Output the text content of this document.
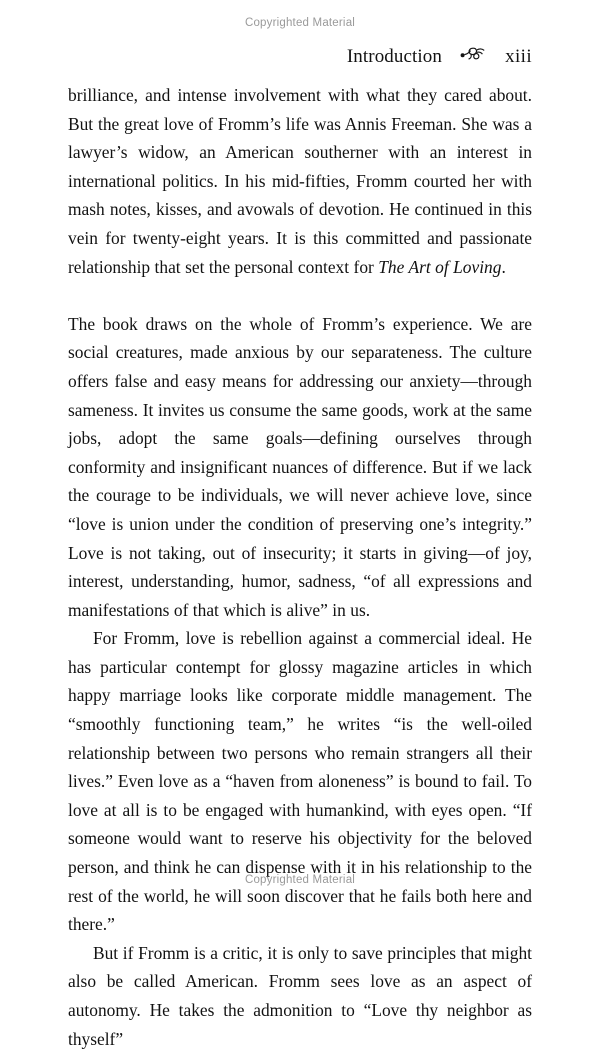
Copyrighted Material
Introduction	xiii

brilliance, and intense involvement with what they cared about. But the great love of Fromm’s life was Annis Freeman. She was a lawyer’s widow, an American southerner with an interest in international politics. In his mid-fifties, Fromm courted her with mash notes, kisses, and avowals of devotion. He continued in this vein for twenty-eight years. It is this committed and passionate relationship that set the personal context for The Art of Loving.

The book draws on the whole of Fromm’s experience. We are social creatures, made anxious by our separateness. The culture offers false and easy means for addressing our anxiety—through sameness. It invites us consume the same goods, work at the same jobs, adopt the same goals—defining ourselves through conformity and insignificant nuances of difference. But if we lack the courage to be individuals, we will never achieve love, since “love is union under the condition of preserving one’s integrity.” Love is not taking, out of insecurity; it starts in giving—of joy, interest, understanding, humor, sadness, “of all expressions and manifestations of that which is alive” in us.

For Fromm, love is rebellion against a commercial ideal. He has particular contempt for glossy magazine articles in which happy marriage looks like corporate middle management. The “smoothly functioning team,” he writes “is the well-oiled relationship between two persons who remain strangers all their lives.” Even love as a “haven from aloneness” is bound to fail. To love at all is to be engaged with humankind, with eyes open. “If someone would want to reserve his objectivity for the beloved person, and think he can dispense with it in his relationship to the rest of the world, he will soon discover that he fails both here and there.”

But if Fromm is a critic, it is only to save principles that might also be called American. Fromm sees love as an aspect of autonomy. He takes the admonition to “Love thy neighbor as thyself”

Copyrighted Material
